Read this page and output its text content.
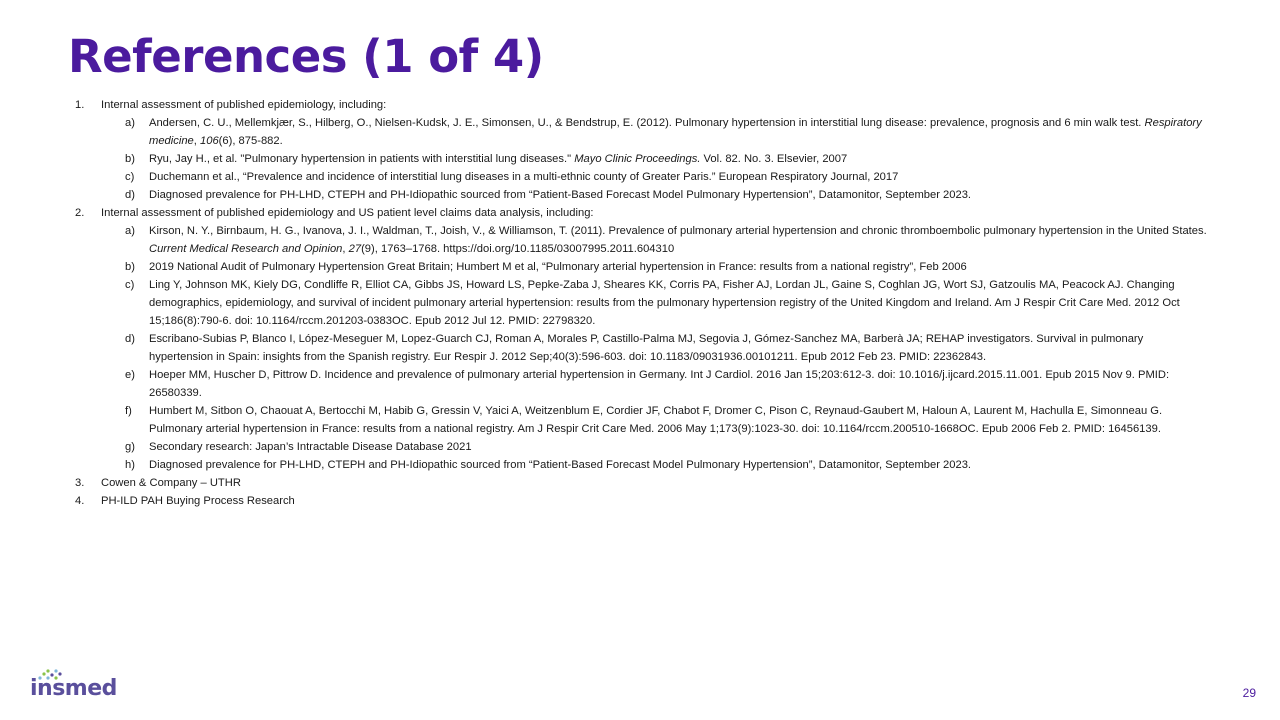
References (1 of 4)
1. Internal assessment of published epidemiology, including:
a) Andersen, C. U., Mellemkjær, S., Hilberg, O., Nielsen-Kudsk, J. E., Simonsen, U., & Bendstrup, E. (2012). Pulmonary hypertension in interstitial lung disease: prevalence, prognosis and 6 min walk test. Respiratory medicine, 106(6), 875-882.
b) Ryu, Jay H., et al. "Pulmonary hypertension in patients with interstitial lung diseases." Mayo Clinic Proceedings. Vol. 82. No. 3. Elsevier, 2007
c) Duchemann et al., “Prevalence and incidence of interstitial lung diseases in a multi-ethnic county of Greater Paris.” European Respiratory Journal, 2017
d) Diagnosed prevalence for PH-LHD, CTEPH and PH-Idiopathic sourced from “Patient-Based Forecast Model Pulmonary Hypertension”, Datamonitor, September 2023.
2. Internal assessment of published epidemiology and US patient level claims data analysis, including:
a) Kirson, N. Y., Birnbaum, H. G., Ivanova, J. I., Waldman, T., Joish, V., & Williamson, T. (2011). Prevalence of pulmonary arterial hypertension and chronic thromboembolic pulmonary hypertension in the United States. Current Medical Research and Opinion, 27(9), 1763–1768. https://doi.org/10.1185/03007995.2011.604310
b) 2019 National Audit of Pulmonary Hypertension Great Britain; Humbert M et al, “Pulmonary arterial hypertension in France: results from a national registry”, Feb 2006
c) Ling Y, Johnson MK, Kiely DG, Condliffe R, Elliot CA, Gibbs JS, Howard LS, Pepke-Zaba J, Sheares KK, Corris PA, Fisher AJ, Lordan JL, Gaine S, Coghlan JG, Wort SJ, Gatzoulis MA, Peacock AJ. Changing demographics, epidemiology, and survival of incident pulmonary arterial hypertension: results from the pulmonary hypertension registry of the United Kingdom and Ireland. Am J Respir Crit Care Med. 2012 Oct 15;186(8):790-6. doi: 10.1164/rccm.201203-0383OC. Epub 2012 Jul 12. PMID: 22798320.
d) Escribano-Subias P, Blanco I, López-Meseguer M, Lopez-Guarch CJ, Roman A, Morales P, Castillo-Palma MJ, Segovia J, Gómez-Sanchez MA, Barberà JA; REHAP investigators. Survival in pulmonary hypertension in Spain: insights from the Spanish registry. Eur Respir J. 2012 Sep;40(3):596-603. doi: 10.1183/09031936.00101211. Epub 2012 Feb 23. PMID: 22362843.
e) Hoeper MM, Huscher D, Pittrow D. Incidence and prevalence of pulmonary arterial hypertension in Germany. Int J Cardiol. 2016 Jan 15;203:612-3. doi: 10.1016/j.ijcard.2015.11.001. Epub 2015 Nov 9. PMID: 26580339.
f) Humbert M, Sitbon O, Chaouat A, Bertocchi M, Habib G, Gressin V, Yaici A, Weitzenblum E, Cordier JF, Chabot F, Dromer C, Pison C, Reynaud-Gaubert M, Haloun A, Laurent M, Hachulla E, Simonneau G. Pulmonary arterial hypertension in France: results from a national registry. Am J Respir Crit Care Med. 2006 May 1;173(9):1023-30. doi: 10.1164/rccm.200510-1668OC. Epub 2006 Feb 2. PMID: 16456139.
g) Secondary research: Japan’s Intractable Disease Database 2021
h) Diagnosed prevalence for PH-LHD, CTEPH and PH-Idiopathic sourced from “Patient-Based Forecast Model Pulmonary Hypertension”, Datamonitor, September 2023.
3. Cowen & Company – UTHR
4. PH-ILD PAH Buying Process Research
insmed	29
